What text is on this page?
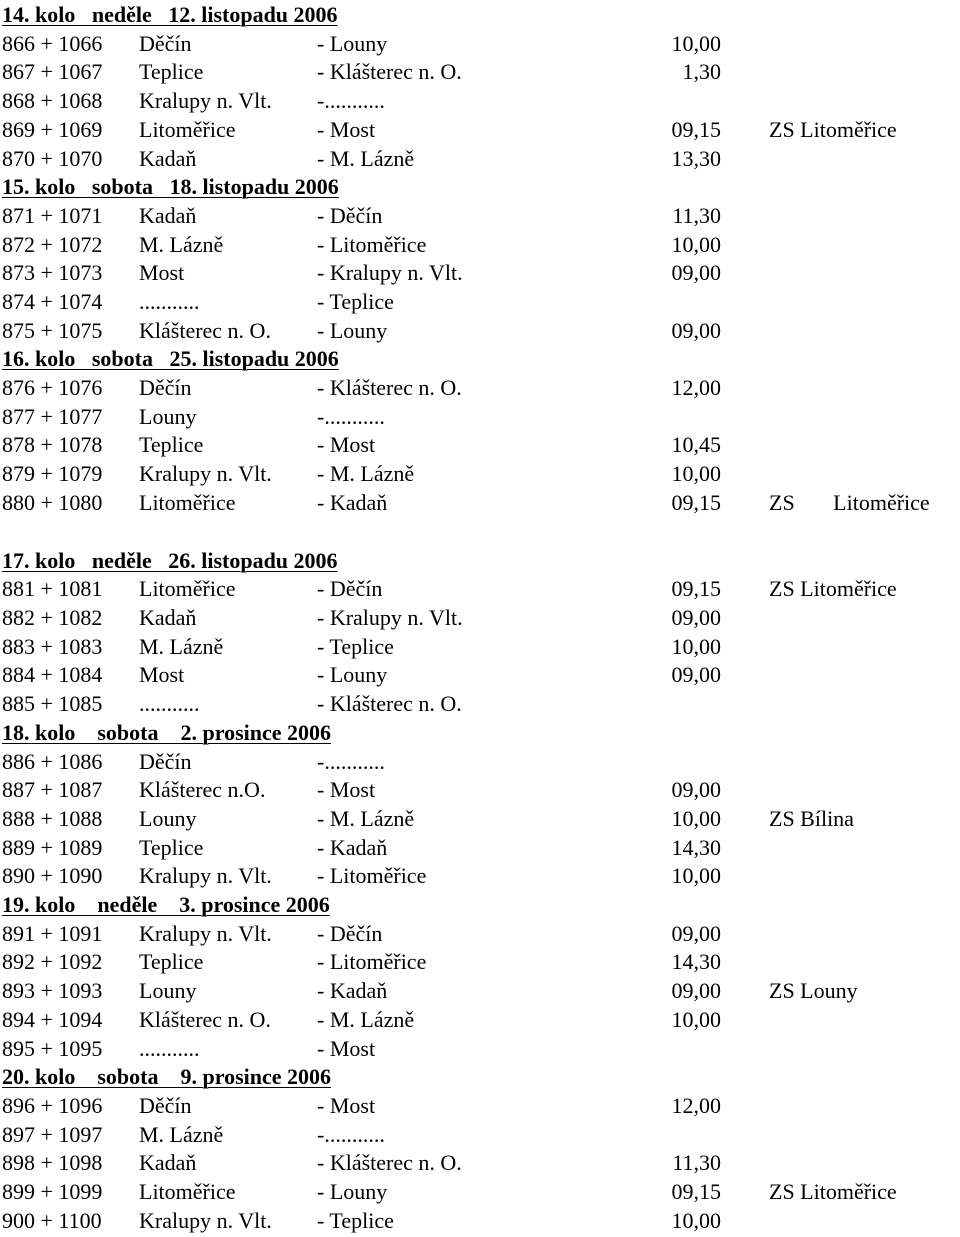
14. kolo   neděle   12. listopadu 2006
866 + 1066 Děčín	- Louny	10,00
867 + 1067 Teplice	- Klášterec n. O.	1,30
868 + 1068 Kralupy n. Vlt. -...........
869 + 1069 Litoměřice	- Most	09,15 ZS Litoměřice
870 + 1070 Kadaň	- M. Lázně	13,30
15. kolo   sobota   18. listopadu 2006
871 + 1071 Kadaň	- Děčín	11,30
872 + 1072 M. Lázně	- Litoměřice	10,00
873 + 1073 Most	- Kralupy n. Vlt.	09,00
874 + 1074 ...........	- Teplice
875 + 1075 Klášterec n. O. - Louny	09,00
16. kolo   sobota   25. listopadu 2006
876 + 1076 Děčín	- Klášterec n. O.	12,00
877 + 1077 Louny	-...........
878 + 1078 Teplice	- Most	10,45
879 + 1079 Kralupy n. Vlt. - M. Lázně	10,00
880 + 1080 Litoměřice	- Kadaň	09,15 ZS       Litoměřice
17. kolo   neděle   26. listopadu 2006
881 + 1081 Litoměřice	- Děčín	09,15 ZS Litoměřice
882 + 1082 Kadaň	- Kralupy n. Vlt.	09,00
883 + 1083 M. Lázně	- Teplice	10,00
884 + 1084 Most	- Louny	09,00
885 + 1085 ...........	- Klášterec n. O.
18. kolo    sobota    2. prosince 2006
886 + 1086 Děčín	-...........
887 + 1087 Klášterec n.O. - Most	09,00
888 + 1088 Louny	- M. Lázně	10,00 ZS Bílina
889 + 1089 Teplice	- Kadaň	14,30
890 + 1090 Kralupy n. Vlt. - Litoměřice	10,00
19. kolo    neděle    3. prosince 2006
891 + 1091 Kralupy n. Vlt. - Děčín	09,00
892 + 1092 Teplice	- Litoměřice	14,30
893 + 1093 Louny	- Kadaň	09,00 ZS Louny
894 + 1094 Klášterec n. O. - M. Lázně	10,00
895 + 1095 ...........	- Most
20. kolo    sobota    9. prosince 2006
896 + 1096 Děčín	- Most	12,00
897 + 1097 M. Lázně	-...........
898 + 1098 Kadaň	- Klášterec n. O.	11,30
899 + 1099 Litoměřice	- Louny	09,15 ZS Litoměřice
900 + 1100 Kralupy n. Vlt. - Teplice	10,00
